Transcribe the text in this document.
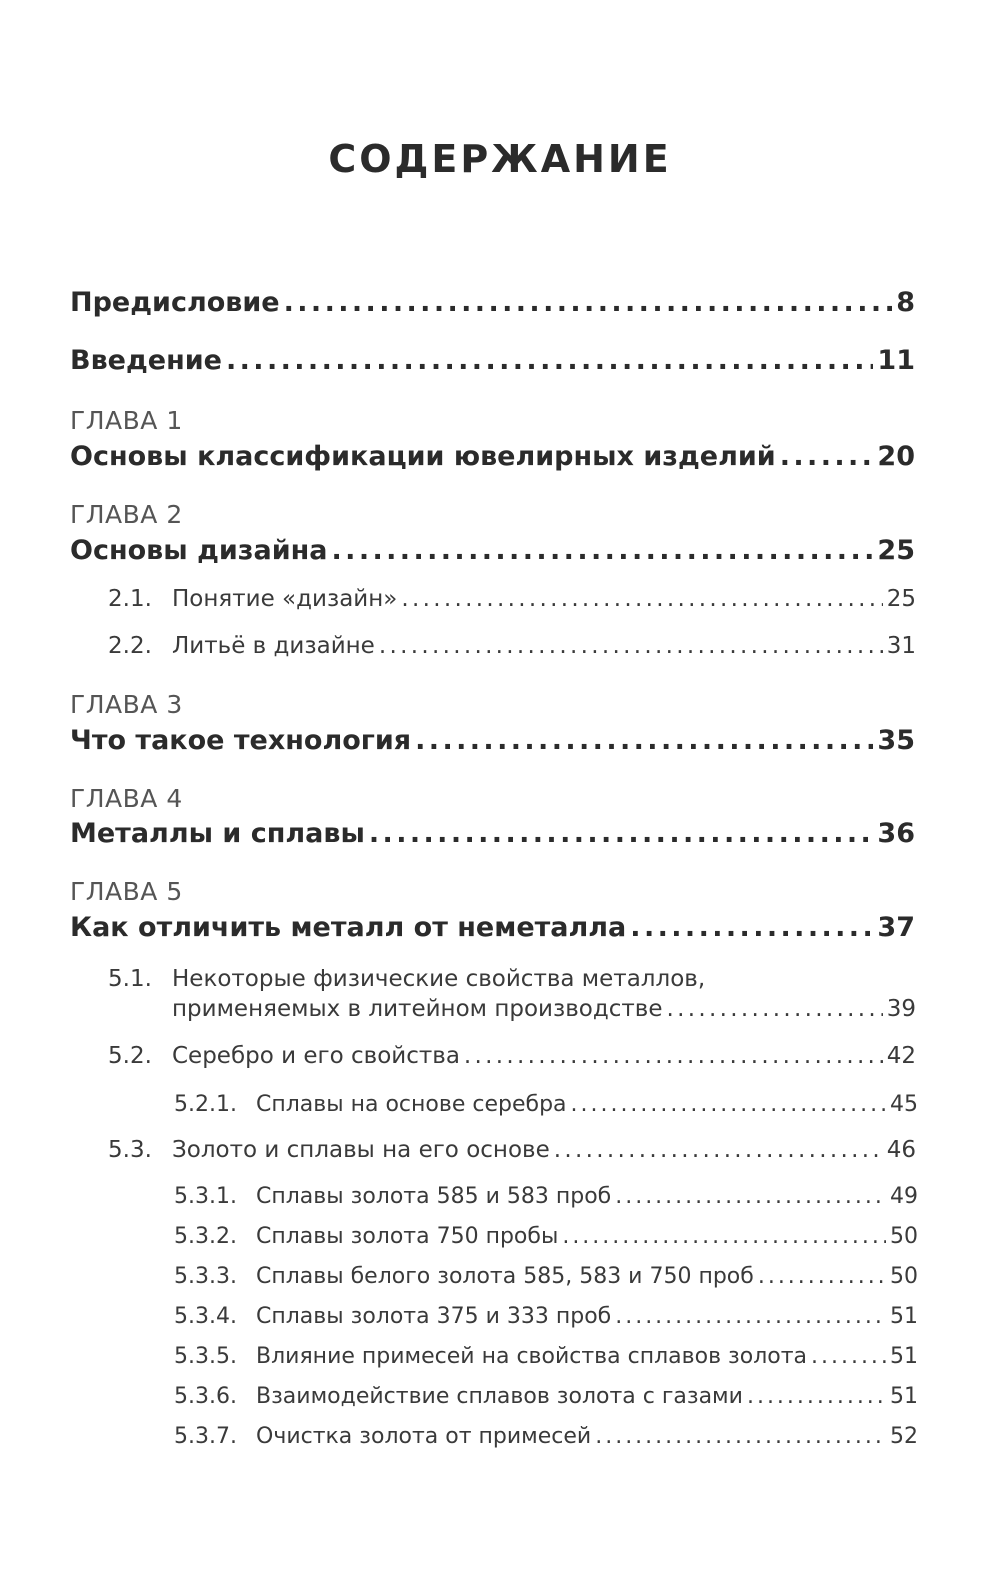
СОДЕРЖАНИЕ
Предисловие . . .	8
Введение . . .	11
ГЛАВА 1
Основы классификации ювелирных изделий . . .	20
ГЛАВА 2
Основы дизайна . . .	25
2.1. Понятие «дизайн» . . .	25
2.2. Литьё в дизайне . . .	31
ГЛАВА 3
Что такое технология . . .	35
ГЛАВА 4
Металлы и сплавы . . .	36
ГЛАВА 5
Как отличить металл от неметалла . . .	37
5.1. Некоторые физические свойства металлов,
применяемых в литейном производстве . . .	39
5.2. Серебро и его свойства . . .	42
5.2.1. Сплавы на основе серебра . . .	45
5.3. Золото и сплавы на его основе . . .	46
5.3.1. Сплавы золота 585 и 583 проб . . .	49
5.3.2. Сплавы золота 750 пробы . . .	50
5.3.3. Сплавы белого золота 585, 583 и 750 проб . . .	50
5.3.4. Сплавы золота 375 и 333 проб . . .	51
5.3.5. Влияние примесей на свойства сплавов золота . . .	51
5.3.6. Взаимодействие сплавов золота с газами . . .	51
5.3.7. Очистка золота от примесей . . .	52
